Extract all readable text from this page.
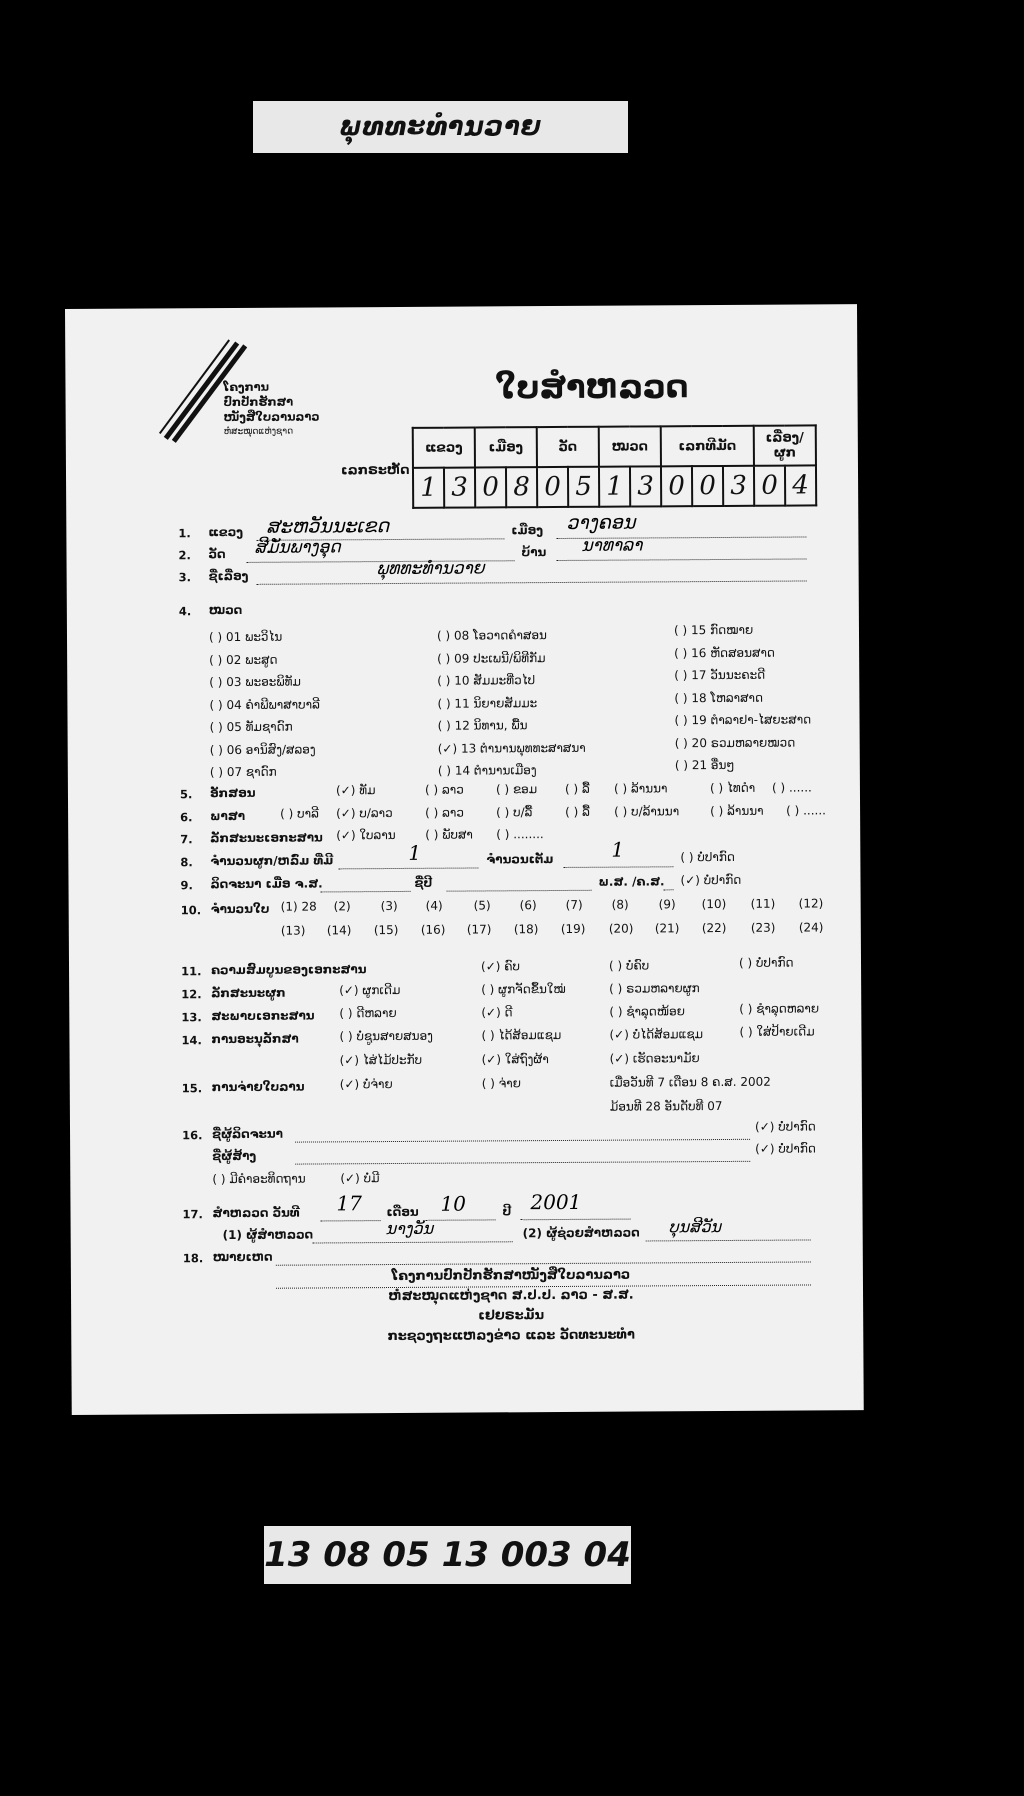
ພຸທທະທຳນວາຍ
ໂຄງການ
ປົກປັກຮັກສາ
ໜັງສືໃບລານລາວ
ຫໍສະໝຸດແຫ່ງຊາດ
ໃບສຳຫລວດ
ເລກຣະຫັດ
ແຂວງ		ເມືອງ		ວັດ		ໝວດ		ເລກທີມັດ			ເລື່ອງ/ຜູກ	
1	3	0	8	0	5	1	3	0	0	3	0	4
1. ແຂວງ ສະຫວັນນະເຂດ	ເມືອງ ວາງຄອນ
2. ວັດ ສີມັ່ນພາງອຸດ	ບ້ານ ນາທາລາ
3. ຊື່ເລື່ອງ	ພຸທທະທຳນວາຍ
4. ໝວດ
( ) 01 ພະວິໄນ
( ) 02 ພະສູດ
( ) 03 ພະອະພິທັມ
( ) 04 ຄຳພີພາສາບາລີ
( ) 05 ທັມຊາດົກ
( ) 06 ອານິສົງ/ສລອງ
( ) 07 ຊາດົກ
( ) 08 ໂອວາດຄຳສອນ
( ) 09 ປະເພນີ/ພິທີກັມ
( ) 10 ສັມມະທີ່ວໄປ
( ) 11 ນິຍາຍສັມມະ
( ) 12 ນິທານ, ພື້ນ
(✓) 13 ຕຳນານພຸທທະສາສນາ
( ) 14 ຕຳນານເມືອງ
( ) 15 ກົດໝາຍ
( ) 16 ຫັດສອນສາດ
( ) 17 ວັນນະຄະດີ
( ) 18 ໂຫລາສາດ
( ) 19 ຕຳລາຢາ-ໄສຍະສາດ
( ) 20 ຣວມຫລາຍໝວດ
( ) 21 ອື່ນໆ
5. ອັກສອນ	(✓) ທັມ	( ) ລາວ	( ) ຂອມ ( ) ລື້ ( ) ລ້ານນາ	( ) ໄທດຳ ( ) ......
6. ພາສາ	( ) ບາລີ (✓) ບ/ລາວ	( ) ລາວ	( ) ບ/ລື້	( ) ລື້ ( ) ບ/ລ້ານນາ	( ) ລ້ານນາ ( ) ......
7. ລັກສະນະເອກະສານ (✓) ໃບລານ ( ) ພັບສາ ( ) ........
8. ຈຳນວນຜູກ/ຫລົ່ມ ທີ່ມີ	1	ຈຳນວນເຕັມ	1	( ) ບໍ່ປາກົດ
9. ລິດຈະນາ ເມື່ອ ຈ.ສ.	ຊື່ປີ	ພ.ສ. /ຄ.ສ. (✓) ບໍ່ປາກົດ
10. ຈຳນວນໃບ (1) 28 (2) (3) (4)	(5) (6) (7) (8) (9) (10) (11) (12)
(13) (14) (15) (16) (17) (18) (19) (20) (21) (22) (23) (24)
11. ຄວາມສົມບູນຂອງເອກະສານ	(✓) ຄົບ	( ) ບໍ່ຄົບ	( ) ບໍ່ປາກົດ
12. ລັກສະນະຜູກ	(✓) ຜູກເດີມ	( ) ຜູກຈັດຂຶ້ນໃໝ່	( ) ຣວມຫລາຍຜູກ
13. ສະພາບເອກະສານ ( ) ດີຫລາຍ	(✓) ດີ	( ) ຊຳລຸດໜ້ອຍ	( ) ຊຳລຸດຫລາຍ
14. ການອະນຸລັກສາ	( ) ບໍ່ຊູນສາຍສນອງ	( ) ໄດ້ສ້ອມແຊມ	(✓) ບໍ່ໄດ້ສ້ອມແຊມ	( ) ໃສ່ປ້າຍເດີມ
(✓) ໄສ່ໄມ້ປະກັບ	(✓) ໃສ່ຖົງຜ້າ	(✓) ເຮັດອະນາມັຍ
15. ການຈ່າຍໃບລານ	(✓) ບໍ່ຈ່າຍ	( ) ຈ່າຍ	ເມື່ອວັນທີ 7 ເດືອນ 8 ຄ.ສ. 2002
ມ້ອນທີ 28 ອັນດັບທີ 07
16. ຊື່ຜູ້ລິດຈະນາ
(✓) ບໍ່ປາກົດ
ຊື່ຜູ້ສ້າງ
(✓) ບໍ່ປາກົດ
( ) ມີຄຳອະທິດຖານ	(✓) ບໍ່ມີ
17. ສຳຫລວດ ວັນທີ 17 ເດືອນ 10	ປີ 2001
(1) ຜູ້ສຳຫລວດ	ນາງວັນ	(2) ຜູ້ຊ່ວຍສຳຫລວດ ບຸນສີວັນ
18. ໝາຍເຫດ
ໂຄງການປົກປັກຮັກສາໜັງສືໃບລານລາວ
ຫໍສະໝຸດແຫ່ງຊາດ ສ.ປ.ປ. ລາວ - ສ.ສ. ເຢຍຣະມັນ
ກະຊວງຖະແຫລງຂ່າວ ແລະ ວັດທະນະທຳ
13 08 05 13 003 04
